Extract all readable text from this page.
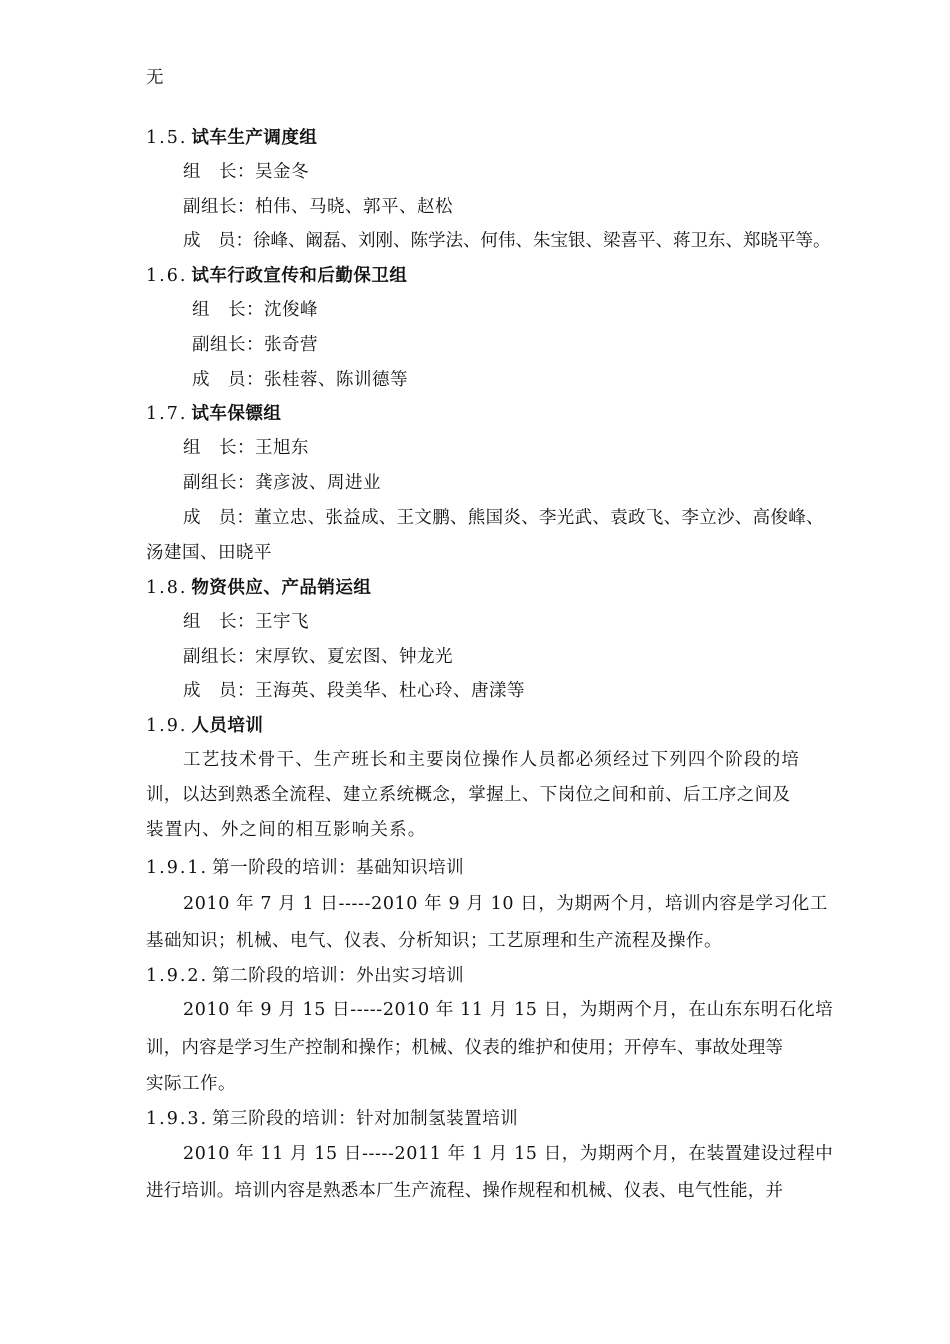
无
1.5. 试车生产调度组
组　长：吴金冬
副组长：柏伟、马晓、郭平、赵松
成　员：徐峰、阚磊、刘刚、陈学法、何伟、朱宝银、梁喜平、蒋卫东、郑晓平等。
1.6. 试车行政宣传和后勤保卫组
组　长：沈俊峰
副组长：张奇营
成　员：张桂蓉、陈训德等
1.7. 试车保镖组
组　长：王旭东
副组长：龚彦波、周进业
成　员：董立忠、张益成、王文鹏、熊国炎、李光武、袁政飞、李立沙、高俊峰、
汤建国、田晓平
1.8. 物资供应、产品销运组
组　长：王宇飞
副组长：宋厚钦、夏宏图、钟龙光
成　员：王海英、段美华、杜心玲、唐漾等
1.9. 人员培训
工艺技术骨干、生产班长和主要岗位操作人员都必须经过下列四个阶段的培
训，以达到熟悉全流程、建立系统概念，掌握上、下岗位之间和前、后工序之间及
装置内、外之间的相互影响关系。
1.9.1. 第一阶段的培训：基础知识培训
2010 年 7 月 1 日-----2010 年 9 月 10 日，为期两个月，培训内容是学习化工
基础知识；机械、电气、仪表、分析知识；工艺原理和生产流程及操作。
1.9.2. 第二阶段的培训：外出实习培训
2010 年 9 月 15 日-----2010 年 11 月 15 日，为期两个月，在山东东明石化培
训，内容是学习生产控制和操作；机械、仪表的维护和使用；开停车、事故处理等
实际工作。
1.9.3. 第三阶段的培训：针对加制氢装置培训
2010 年 11 月 15 日-----2011 年 1 月 15 日，为期两个月，在装置建设过程中
进行培训。培训内容是熟悉本厂生产流程、操作规程和机械、仪表、电气性能，并
